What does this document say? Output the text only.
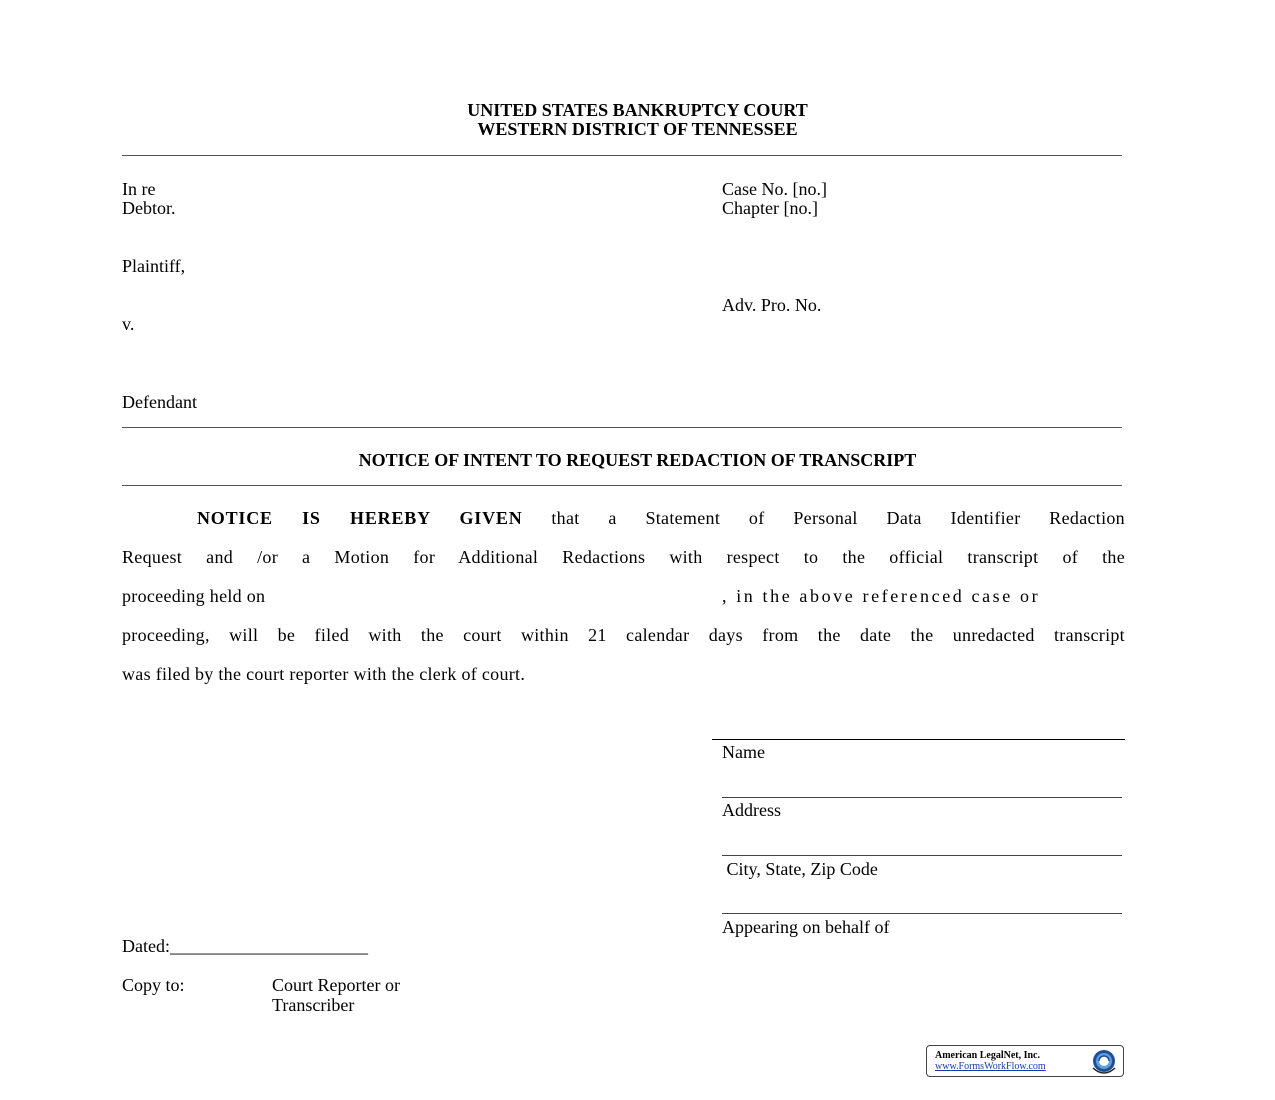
UNITED STATES BANKRUPTCY COURT
WESTERN DISTRICT OF TENNESSEE
In re
Debtor.
Plaintiff,
v.
Defendant
Case No. [no.]
Chapter [no.]
Adv. Pro. No.
NOTICE OF INTENT TO REQUEST REDACTION OF TRANSCRIPT
NOTICE IS HEREBY GIVEN that a Statement of Personal Data Identifier Redaction
Request and /or a Motion for Additional Redactions with respect to the official transcript of the
proceeding held on	, in the above referenced case or
proceeding, will be filed with the court within 21 calendar days from the date the unredacted transcript
was filed by the court reporter with the clerk of court.
Name
Address
City, State, Zip Code
Appearing on behalf of
Dated:______________________
Copy to:	Court Reporter or
Transcriber
American LegalNet, Inc.
www.FormsWorkFlow.com
